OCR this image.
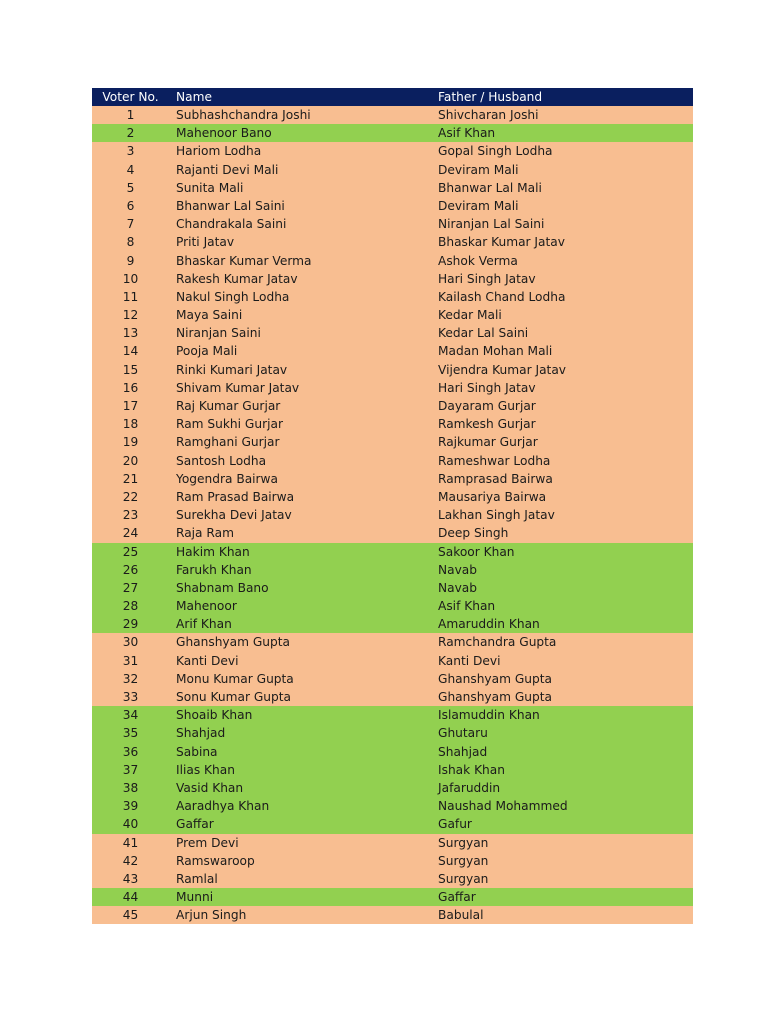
Voter No.	Name	Father / Husband
1	Subhashchandra Joshi	Shivcharan Joshi
2	Mahenoor Bano	Asif Khan
3	Hariom Lodha	Gopal Singh Lodha
4	Rajanti Devi Mali	Deviram Mali
5	Sunita Mali	Bhanwar Lal Mali
6	Bhanwar Lal Saini	Deviram Mali
7	Chandrakala Saini	Niranjan Lal Saini
8	Priti Jatav	Bhaskar Kumar Jatav
9	Bhaskar Kumar Verma	Ashok Verma
10	Rakesh Kumar Jatav	Hari Singh Jatav
11	Nakul Singh Lodha	Kailash Chand Lodha
12	Maya Saini	Kedar Mali
13	Niranjan Saini	Kedar Lal Saini
14	Pooja Mali	Madan Mohan Mali
15	Rinki Kumari Jatav	Vijendra Kumar Jatav
16	Shivam Kumar Jatav	Hari Singh Jatav
17	Raj Kumar Gurjar	Dayaram Gurjar
18	Ram Sukhi Gurjar	Ramkesh Gurjar
19	Ramghani Gurjar	Rajkumar Gurjar
20	Santosh Lodha	Rameshwar Lodha
21	Yogendra Bairwa	Ramprasad Bairwa
22	Ram Prasad Bairwa	Mausariya Bairwa
23	Surekha Devi Jatav	Lakhan Singh Jatav
24	Raja Ram	Deep Singh
25	Hakim Khan	Sakoor Khan
26	Farukh Khan	Navab
27	Shabnam Bano	Navab
28	Mahenoor	Asif Khan
29	Arif Khan	Amaruddin Khan
30	Ghanshyam Gupta	Ramchandra Gupta
31	Kanti Devi	Kanti Devi
32	Monu Kumar Gupta	Ghanshyam Gupta
33	Sonu Kumar Gupta	Ghanshyam Gupta
34	Shoaib Khan	Islamuddin Khan
35	Shahjad	Ghutaru
36	Sabina	Shahjad
37	Ilias Khan	Ishak Khan
38	Vasid Khan	Jafaruddin
39	Aaradhya Khan	Naushad Mohammed
40	Gaffar	Gafur
41	Prem Devi	Surgyan
42	Ramswaroop	Surgyan
43	Ramlal	Surgyan
44	Munni	Gaffar
45	Arjun Singh	Babulal
